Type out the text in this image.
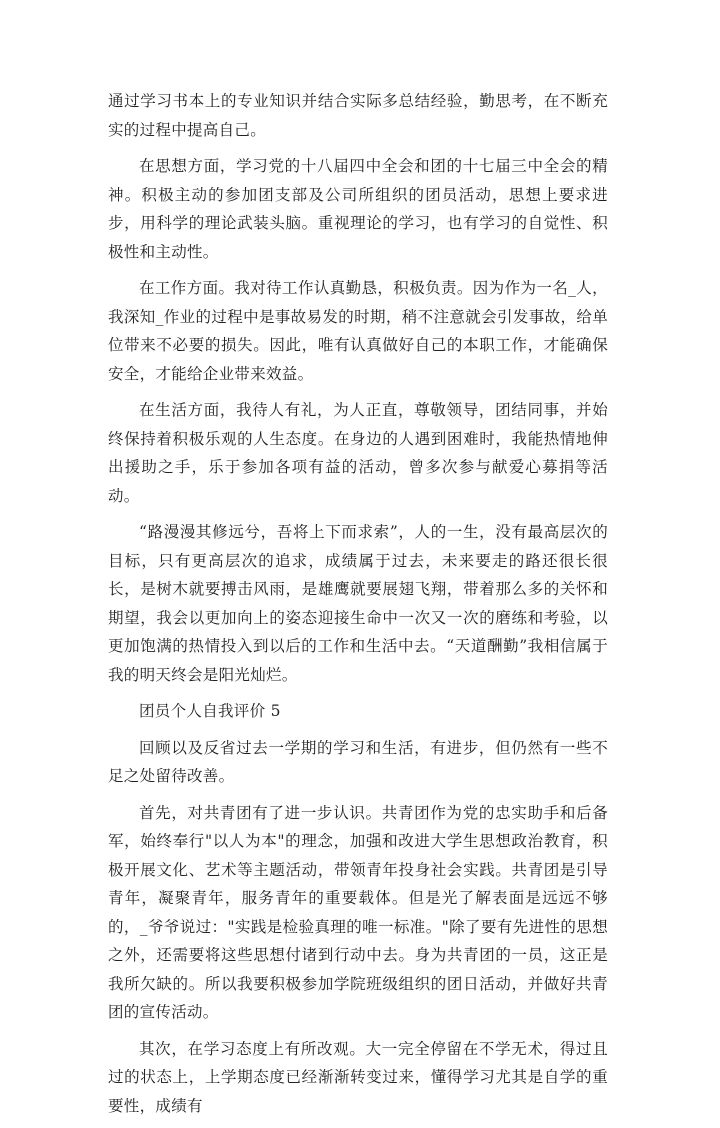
通过学习书本上的专业知识并结合实际多总结经验，勤思考，在不断充实的过程中提高自己。

在思想方面，学习党的十八届四中全会和团的十七届三中全会的精神。积极主动的参加团支部及公司所组织的团员活动，思想上要求进步，用科学的理论武装头脑。重视理论的学习，也有学习的自觉性、积极性和主动性。

在工作方面。我对待工作认真勤恳，积极负责。因为作为一名_人，我深知_作业的过程中是事故易发的时期，稍不注意就会引发事故，给单位带来不必要的损失。因此，唯有认真做好自己的本职工作，才能确保安全，才能给企业带来效益。

在生活方面，我待人有礼，为人正直，尊敬领导，团结同事，并始终保持着积极乐观的人生态度。在身边的人遇到困难时，我能热情地伸出援助之手，乐于参加各项有益的活动，曾多次参与献爱心募捐等活动。

“路漫漫其修远兮，吾将上下而求索”，人的一生，没有最高层次的目标，只有更高层次的追求，成绩属于过去，未来要走的路还很长很长，是树木就要搏击风雨，是雄鹰就要展翅飞翔，带着那么多的关怀和期望，我会以更加向上的姿态迎接生命中一次又一次的磨练和考验，以更加饱满的热情投入到以后的工作和生活中去。“天道酬勤”我相信属于我的明天终会是阳光灿烂。

团员个人自我评价 5

回顾以及反省过去一学期的学习和生活，有进步，但仍然有一些不足之处留待改善。

首先，对共青团有了进一步认识。共青团作为党的忠实助手和后备军，始终奉行"以人为本"的理念，加强和改进大学生思想政治教育，积极开展文化、艺术等主题活动，带领青年投身社会实践。共青团是引导青年，凝聚青年，服务青年的重要载体。但是光了解表面是远远不够的，_爷爷说过："实践是检验真理的唯一标准。"除了要有先进性的思想之外，还需要将这些思想付诸到行动中去。身为共青团的一员，这正是我所欠缺的。所以我要积极参加学院班级组织的团日活动，并做好共青团的宣传活动。

其次，在学习态度上有所改观。大一完全停留在不学无术，得过且过的状态上，上学期态度已经渐渐转变过来，懂得学习尤其是自学的重要性，成绩有
